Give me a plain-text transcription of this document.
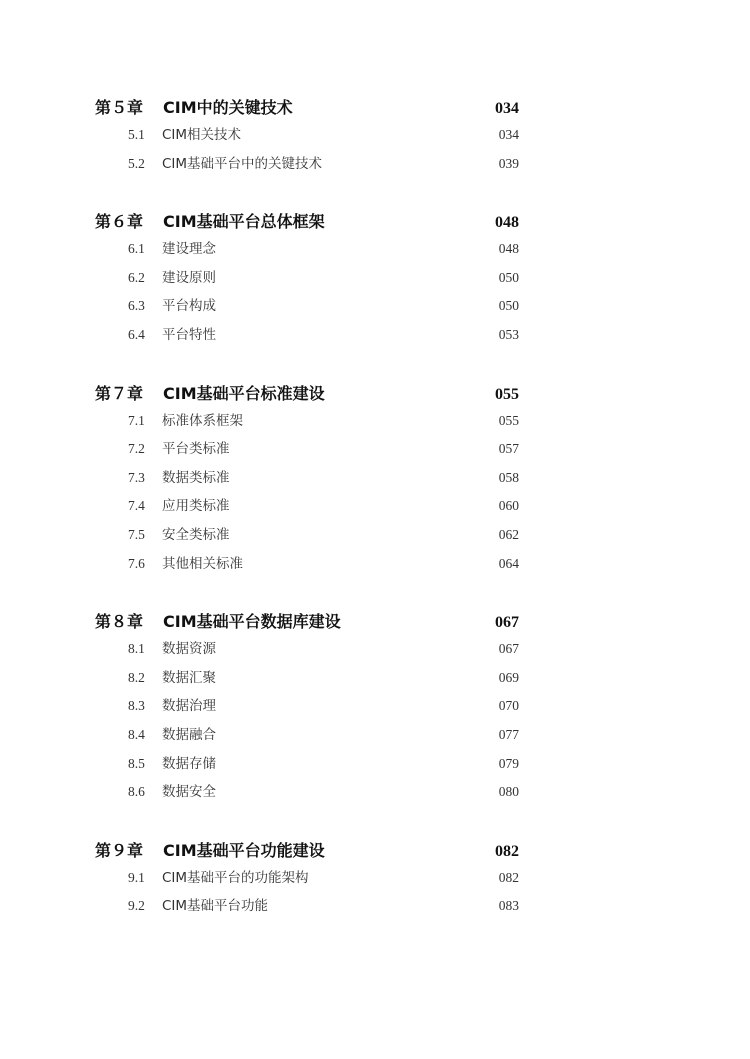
第５章	CIM中的关键技术	034
5.1	CIM相关技术	034
5.2	CIM基础平台中的关键技术	039
第６章	CIM基础平台总体框架	048
6.1	建设理念	048
6.2	建设原则	050
6.3	平台构成	050
6.4	平台特性	053
第７章	CIM基础平台标准建设	055
7.1	标准体系框架	055
7.2	平台类标准	057
7.3	数据类标准	058
7.4	应用类标准	060
7.5	安全类标准	062
7.6	其他相关标准	064
第８章	CIM基础平台数据库建设	067
8.1	数据资源	067
8.2	数据汇聚	069
8.3	数据治理	070
8.4	数据融合	077
8.5	数据存储	079
8.6	数据安全	080
第９章	CIM基础平台功能建设	082
9.1	CIM基础平台的功能架构	082
9.2	CIM基础平台功能	083
